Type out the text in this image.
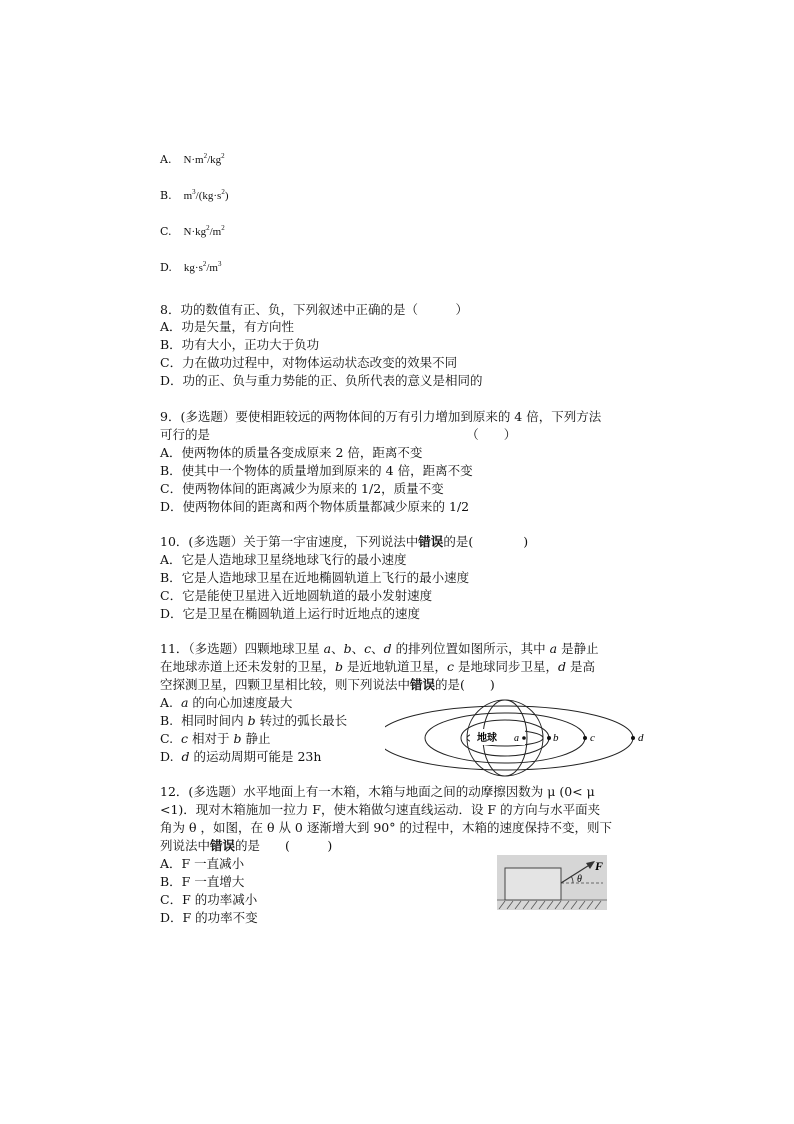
A. $N\cdot m^2/kg^2$
B. $m^3/(kg\cdot s^2)$
C. $N\cdot kg^2/m^2$
D. $kg\cdot s^2/m^3$
8．功的数值有正、负，下列叙述中正确的是（　　　）
A．功是矢量，有方向性
B．功有大小，正功大于负功
C．力在做功过程中，对物体运动状态改变的效果不同
D．功的正、负与重力势能的正、负所代表的意义是相同的
9．(多选题）要使相距较远的两物体间的万有引力增加到原来的 4 倍，下列方法
可行的是　　　　　　　　　　　　　　　　　　　　　（　　）
A．使两物体的质量各变成原来 2 倍，距离不变
B．使其中一个物体的质量增加到原来的 4 倍，距离不变
C．使两物体间的距离减少为原来的 1/2，质量不变
D．使两物体间的距离和两个物体质量都减少原来的 1/2
10．(多选题）关于第一宇宙速度，下列说法中错误的是(　　　　)
A．它是人造地球卫星绕地球飞行的最小速度
B．它是人造地球卫星在近地椭圆轨道上飞行的最小速度
C．它是能使卫星进入近地圆轨道的最小发射速度
D．它是卫星在椭圆轨道上运行时近地点的速度
11．（多选题）四颗地球卫星 a、b、c、d 的排列位置如图所示，其中 a 是静止
在地球赤道上还未发射的卫星，b 是近地轨道卫星，c 是地球同步卫星，d 是高
空探测卫星，四颗卫星相比较，则下列说法中错误的是(　　)
A.  a 的向心加速度最大
B.  相同时间内 b 转过的弧长最长
C.  c 相对于 b 静止
D.  d 的运动周期可能是 23h
地球 a	b	c	d
12．(多选题）水平地面上有一木箱，木箱与地面之间的动摩擦因数为 μ (0< μ
<1)．现对木箱施加一拉力 F，使木箱做匀速直线运动．设 F 的方向与水平面夹
角为 θ ，如图，在 θ 从 0 逐渐增大到 90° 的过程中，木箱的速度保持不变，则下
列说法中错误的是　　(　　　)
A．F 一直减小
B．F 一直增大
C．F 的功率减小
D．F 的功率不变
F
θ
